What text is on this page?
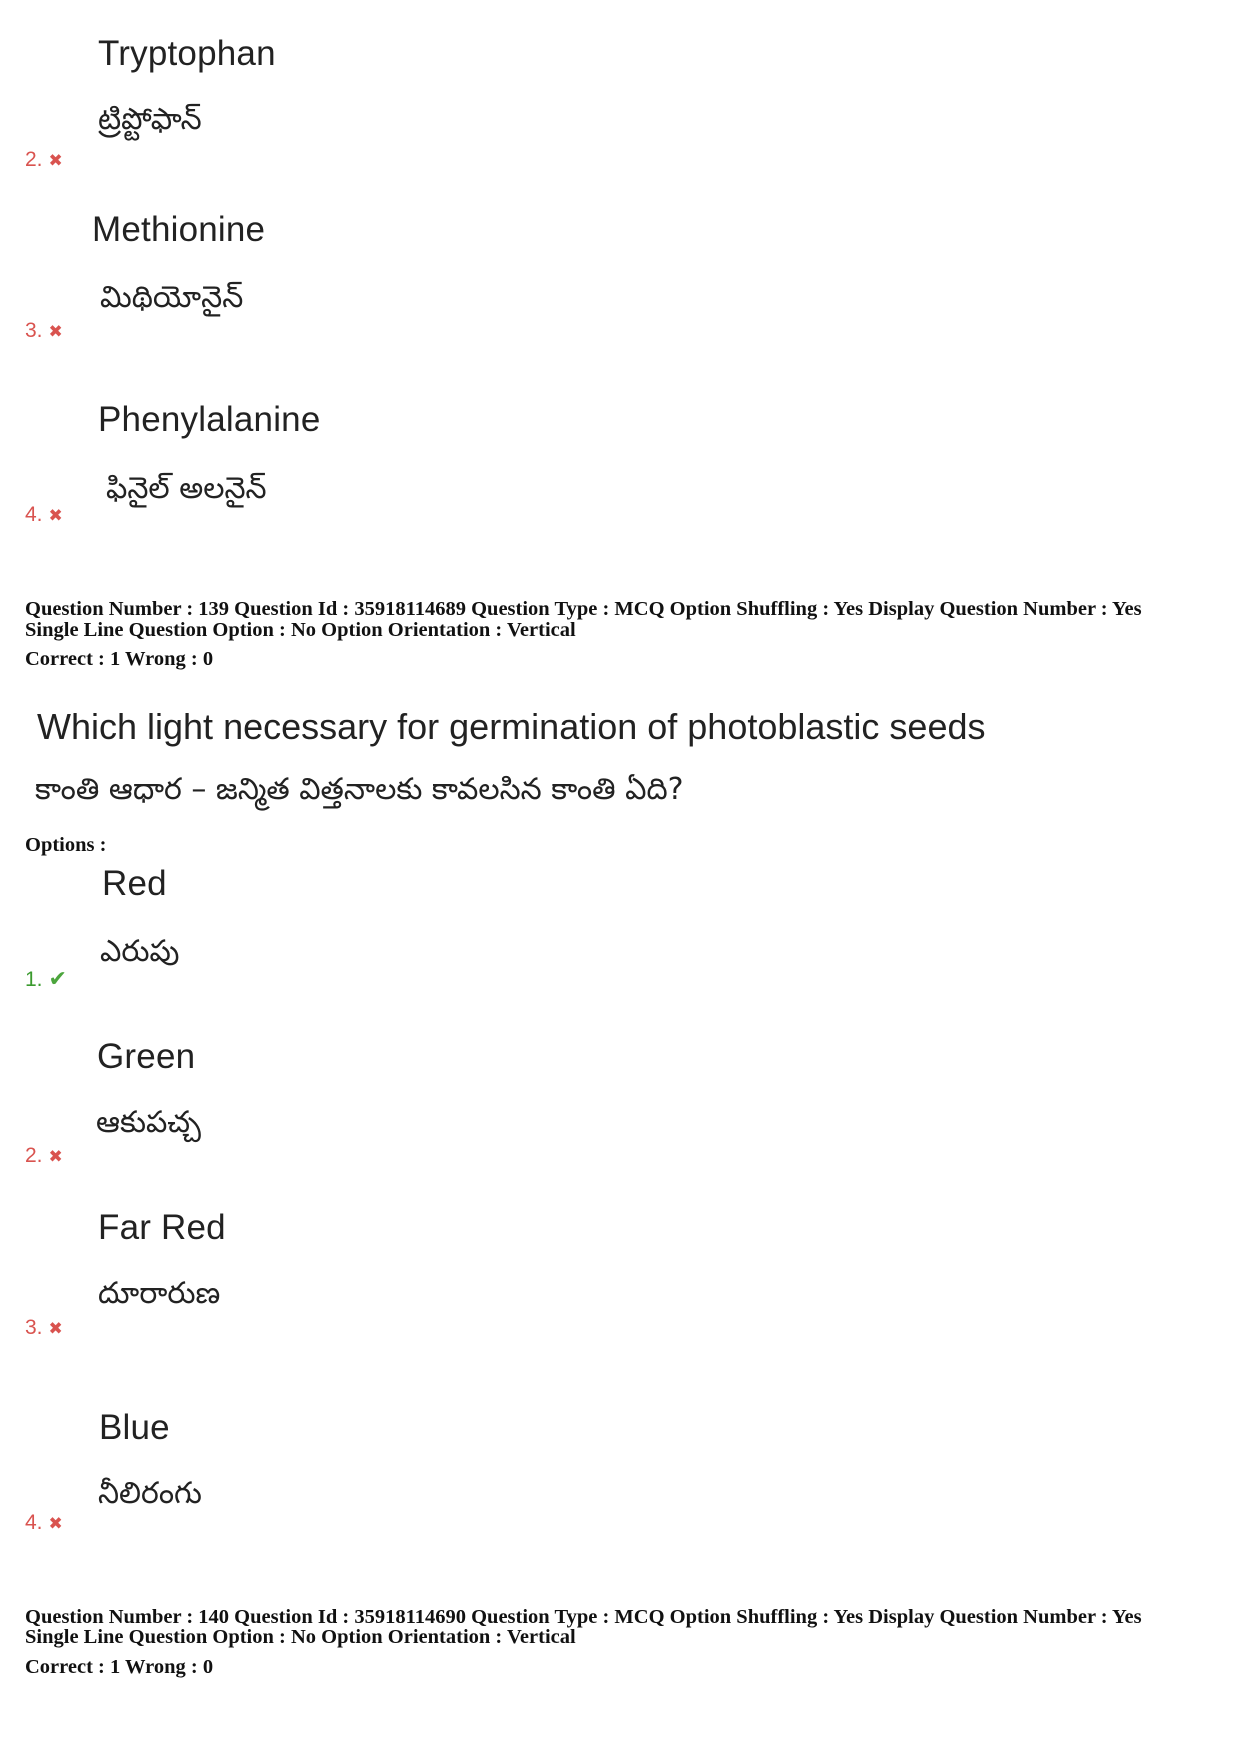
Tryptophan
ట్రిప్టోఫాన్
2. ✖
Methionine
మిథియోనైన్
3. ✖
Phenylalanine
ఫినైల్ అలనైన్
4. ✖
Question Number : 139 Question Id : 35918114689 Question Type : MCQ Option Shuffling : Yes Display Question Number : Yes
Single Line Question Option : No Option Orientation : Vertical
Correct : 1 Wrong : 0
Which light necessary for germination of photoblastic seeds
కాంతి ఆధార – జన్మిత విత్తనాలకు కావలసిన కాంతి ఏది?
Options :
Red
ఎరుపు
1. ✔
Green
ఆకుపచ్చ
2. ✖
Far Red
దూరారుణ
3. ✖
Blue
నీలిరంగు
4. ✖
Question Number : 140 Question Id : 35918114690 Question Type : MCQ Option Shuffling : Yes Display Question Number : Yes
Single Line Question Option : No Option Orientation : Vertical
Correct : 1 Wrong : 0
